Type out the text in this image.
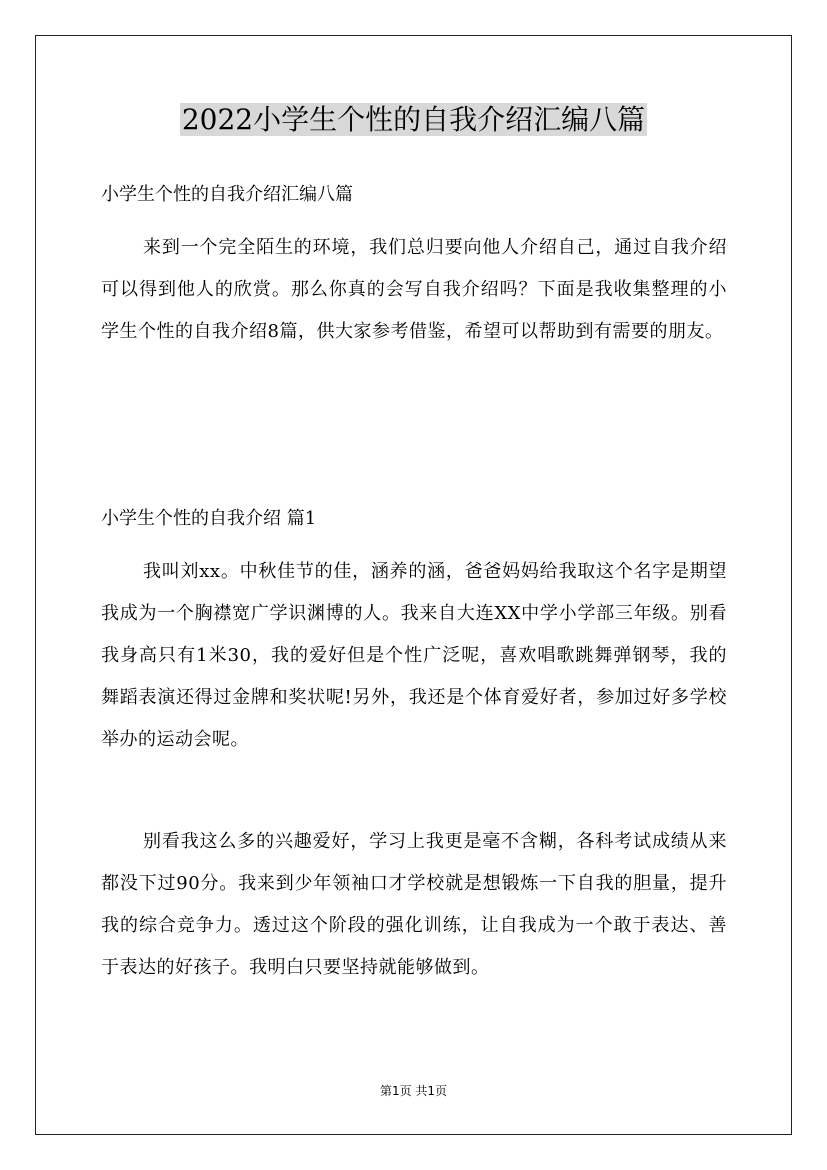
2022小学生个性的自我介绍汇编八篇
小学生个性的自我介绍汇编八篇

来到一个完全陌生的环境，我们总归要向他人介绍自己，通过自我介绍可以得到他人的欣赏。那么你真的会写自我介绍吗？下面是我收集整理的小学生个性的自我介绍8篇，供大家参考借鉴，希望可以帮助到有需要的朋友。

小学生个性的自我介绍 篇1

我叫刘xx。中秋佳节的佳，涵养的涵，爸爸妈妈给我取这个名字是期望我成为一个胸襟宽广学识渊博的人。我来自大连XX中学小学部三年级。别看我身高只有1米30，我的爱好但是个性广泛呢，喜欢唱歌跳舞弹钢琴，我的舞蹈表演还得过金牌和奖状呢!另外，我还是个体育爱好者，参加过好多学校举办的运动会呢。

别看我这么多的兴趣爱好，学习上我更是毫不含糊，各科考试成绩从来都没下过90分。我来到少年领袖口才学校就是想锻炼一下自我的胆量，提升我的综合竞争力。透过这个阶段的强化训练，让自我成为一个敢于表达、善于表达的好孩子。我明白只要坚持就能够做到。

第1页 共1页
